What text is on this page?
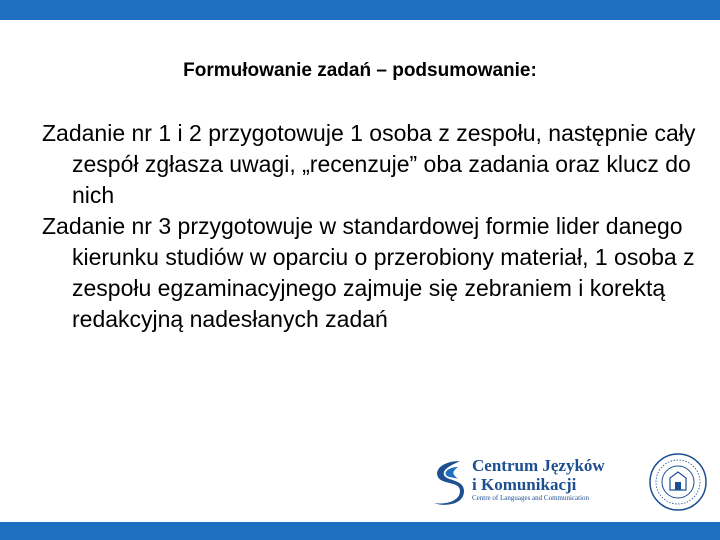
Formułowanie zadań – podsumowanie:
Zadanie nr 1 i 2 przygotowuje 1 osoba z zespołu, następnie cały zespół zgłasza uwagi, „recenzuje” oba zadania oraz klucz do nich
Zadanie nr 3 przygotowuje w standardowej formie lider danego kierunku studiów w oparciu o przerobiony materiał, 1 osoba z zespołu egzaminacyjnego zajmuje się zebraniem i korektą redakcyjną nadesłanych zadań
Centrum Języków
i Komunikacji
Centre of Languages and Communication
